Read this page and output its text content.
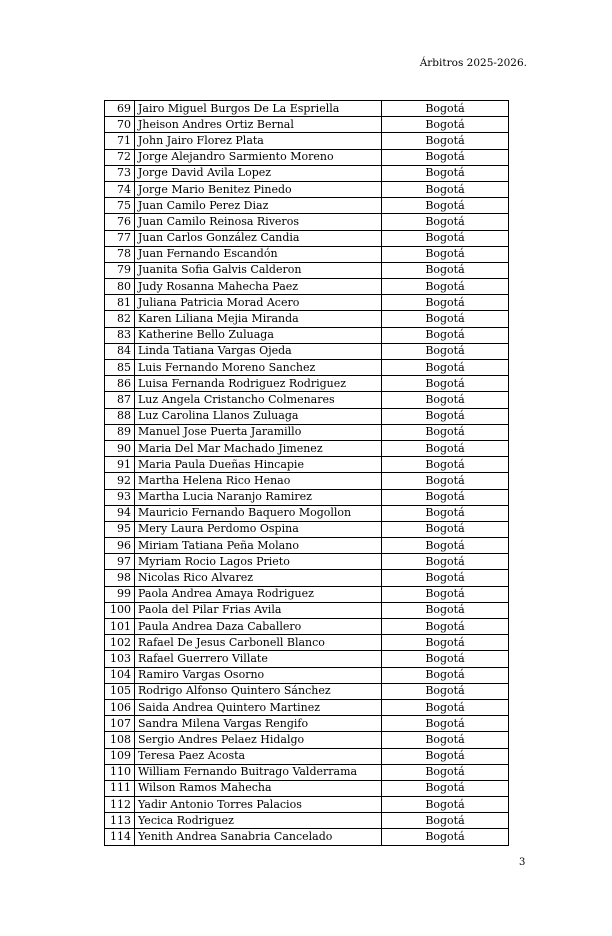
Árbitros 2025-2026.
69	Jairo Miguel Burgos De La Espriella	Bogotá
70	Jheison Andres Ortiz Bernal	Bogotá
71	John Jairo Florez Plata	Bogotá
72	Jorge Alejandro Sarmiento Moreno	Bogotá
73	Jorge David Avila Lopez	Bogotá
74	Jorge Mario Benitez Pinedo	Bogotá
75	Juan Camilo Perez Diaz	Bogotá
76	Juan Camilo Reinosa Riveros	Bogotá
77	Juan Carlos González Candia	Bogotá
78	Juan Fernando Escandón	Bogotá
79	Juanita Sofia Galvis Calderon	Bogotá
80	Judy Rosanna Mahecha Paez	Bogotá
81	Juliana Patricia Morad Acero	Bogotá
82	Karen Liliana Mejia Miranda	Bogotá
83	Katherine Bello Zuluaga	Bogotá
84	Linda Tatiana Vargas Ojeda	Bogotá
85	Luis Fernando Moreno Sanchez	Bogotá
86	Luisa Fernanda Rodriguez Rodriguez	Bogotá
87	Luz Angela Cristancho Colmenares	Bogotá
88	Luz Carolina Llanos Zuluaga	Bogotá
89	Manuel Jose Puerta Jaramillo	Bogotá
90	Maria Del Mar Machado Jimenez	Bogotá
91	Maria Paula Dueñas Hincapie	Bogotá
92	Martha Helena Rico Henao	Bogotá
93	Martha Lucia Naranjo Ramirez	Bogotá
94	Mauricio Fernando Baquero Mogollon	Bogotá
95	Mery Laura Perdomo Ospina	Bogotá
96	Miriam Tatiana Peña Molano	Bogotá
97	Myriam Rocio Lagos Prieto	Bogotá
98	Nicolas Rico Alvarez	Bogotá
99	Paola Andrea Amaya Rodriguez	Bogotá
100	Paola del Pilar Frias Avila	Bogotá
101	Paula Andrea Daza Caballero	Bogotá
102	Rafael De Jesus Carbonell Blanco	Bogotá
103	Rafael Guerrero Villate	Bogotá
104	Ramiro Vargas Osorno	Bogotá
105	Rodrigo Alfonso Quintero Sánchez	Bogotá
106	Saida Andrea Quintero Martinez	Bogotá
107	Sandra Milena Vargas Rengifo	Bogotá
108	Sergio Andres Pelaez Hidalgo	Bogotá
109	Teresa Paez Acosta	Bogotá
110	William Fernando Buitrago Valderrama	Bogotá
111	Wilson Ramos Mahecha	Bogotá
112	Yadir Antonio Torres Palacios	Bogotá
113	Yecica Rodriguez	Bogotá
114	Yenith Andrea Sanabria Cancelado	Bogotá
3
